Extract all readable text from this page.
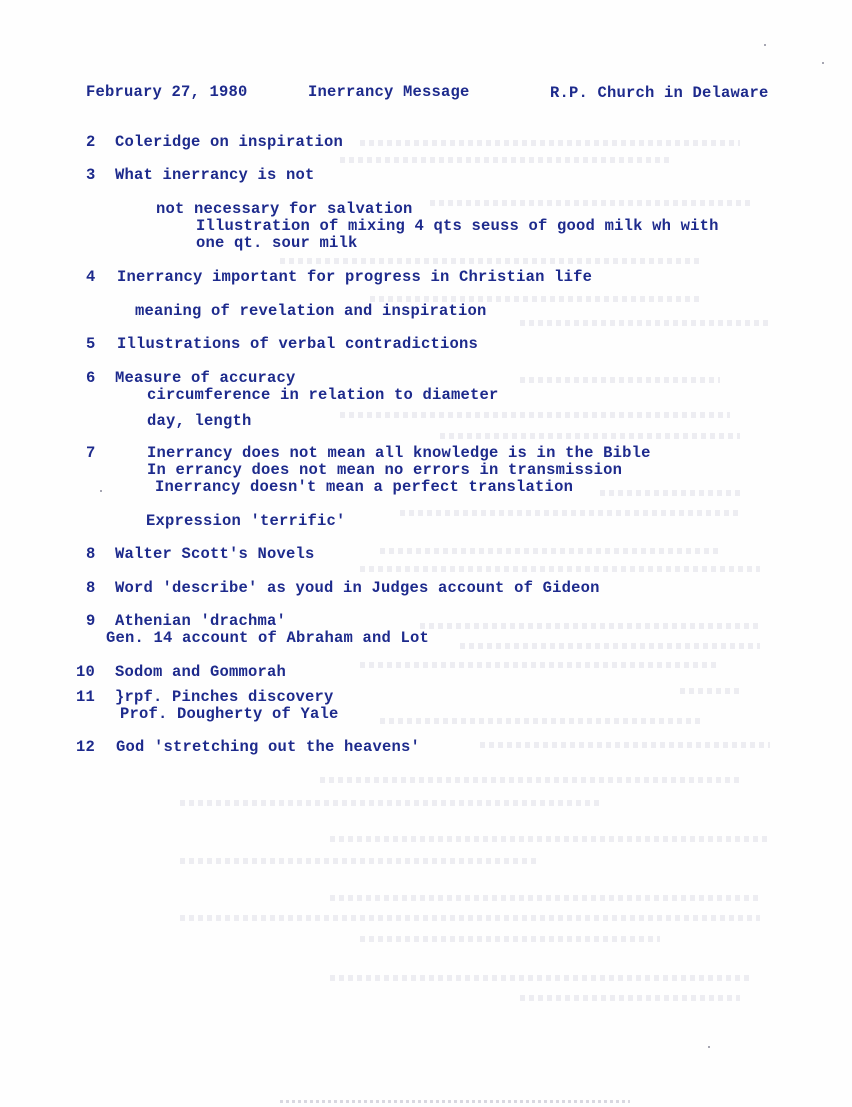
February 27, 1980	Inerrancy Message	R.P. Church in Delaware
2 Coleridge on inspiration
3 What inerrancy is not
not necessary for salvation
Illustration of mixing 4 qts seuss of good milk wh with
one qt. sour milk
4 Inerrancy important for progress in Christian life
meaning of revelation and inspiration
5 Illustrations of verbal contradictions
6 Measure of accuracy
circumference in relation to diameter
day, length
7	Inerrancy does not mean all knowledge is in the Bible
In errancy does not mean no errors in transmission
Inerrancy doesn't mean a perfect translation
Expression 'terrific'
8 Walter Scott's Novels
8 Word 'describe' as youd in Judges account of Gideon
9 Athenian 'drachma'
Gen. 14 account of Abraham and Lot
10 Sodom and Gommorah
11 }rpf. Pinches discovery
Prof. Dougherty of Yale
12 God 'stretching out the heavens'
